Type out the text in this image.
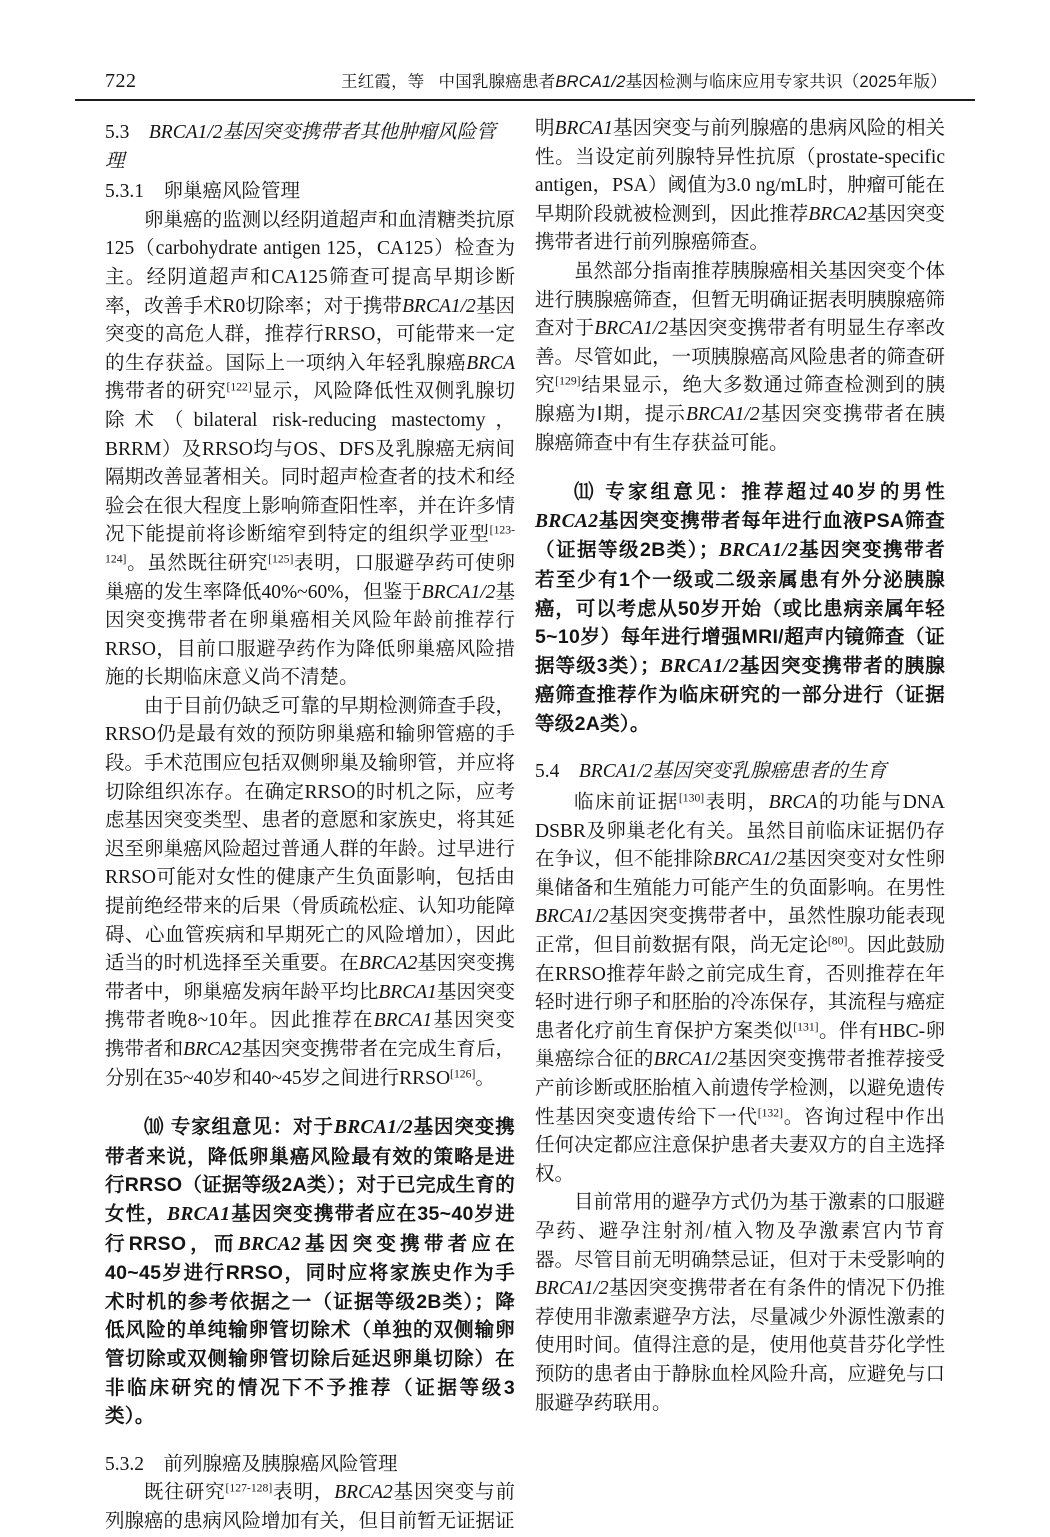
722	王红霞，等 中国乳腺癌患者BRCA1/2基因检测与临床应用专家共识（2025年版）
5.3　 BRCA1/2基因突变携带者其他肿瘤风险管理
5.3.1　卵巢癌风险管理
卵巢癌的监测以经阴道超声和血清糖类抗原125（carbohydrate antigen 125，CA125）检查为主。经阴道超声和CA125筛查可提高早期诊断率，改善手术R0切除率；对于携带BRCA1/2基因突变的高危人群，推荐行RRSO，可能带来一定的生存获益。国际上一项纳入年轻乳腺癌BRCA携带者的研究[122]显示，风险降低性双侧乳腺切除术（bilateral risk-reducing mastectomy，BRRM）及RRSO均与OS、DFS及乳腺癌无病间隔期改善显著相关。同时超声检查者的技术和经验会在很大程度上影响筛查阳性率，并在许多情况下能提前将诊断缩窄到特定的组织学亚型[123-124]。虽然既往研究[125]表明，口服避孕药可使卵巢癌的发生率降低40%~60%，但鉴于BRCA1/2基因突变携带者在卵巢癌相关风险年龄前推荐行RRSO，目前口服避孕药作为降低卵巢癌风险措施的长期临床意义尚不清楚。
由于目前仍缺乏可靠的早期检测筛查手段，RRSO仍是最有效的预防卵巢癌和输卵管癌的手段。手术范围应包括双侧卵巢及输卵管，并应将切除组织冻存。在确定RRSO的时机之际，应考虑基因突变类型、患者的意愿和家族史，将其延迟至卵巢癌风险超过普通人群的年龄。过早进行RRSO可能对女性的健康产生负面影响，包括由提前绝经带来的后果（骨质疏松症、认知功能障碍、心血管疾病和早期死亡的风险增加），因此适当的时机选择至关重要。在BRCA2基因突变携带者中，卵巢癌发病年龄平均比BRCA1基因突变携带者晚8~10年。因此推荐在BRCA1基因突变携带者和BRCA2基因突变携带者在完成生育后，分别在35~40岁和40~45岁之间进行RRSO[126]。
⑽ 专家组意见：对于BRCA1/2基因突变携带者来说，降低卵巢癌风险最有效的策略是进行RRSO（证据等级2A类）；对于已完成生育的女性，BRCA1基因突变携带者应在35~40岁进行RRSO，而BRCA2基因突变携带者应在40~45岁进行RRSO，同时应将家族史作为手术时机的参考依据之一（证据等级2B类）；降低风险的单纯输卵管切除术（单独的双侧输卵管切除或双侧输卵管切除后延迟卵巢切除）在非临床研究的情况下不予推荐（证据等级3类）。
5.3.2　前列腺癌及胰腺癌风险管理
既往研究[127-128]表明，BRCA2基因突变与前列腺癌的患病风险增加有关，但目前暂无证据证
明BRCA1基因突变与前列腺癌的患病风险的相关性。当设定前列腺特异性抗原（prostate-specific antigen，PSA）阈值为3.0 ng/mL时，肿瘤可能在早期阶段就被检测到，因此推荐BRCA2基因突变携带者进行前列腺癌筛查。
虽然部分指南推荐胰腺癌相关基因突变个体进行胰腺癌筛查，但暂无明确证据表明胰腺癌筛查对于BRCA1/2基因突变携带者有明显生存率改善。尽管如此，一项胰腺癌高风险患者的筛查研究[129]结果显示，绝大多数通过筛查检测到的胰腺癌为Ⅰ期，提示BRCA1/2基因突变携带者在胰腺癌筛查中有生存获益可能。
⑾ 专家组意见：推荐超过40岁的男性BRCA2基因突变携带者每年进行血液PSA筛查（证据等级2B类）；BRCA1/2基因突变携带者若至少有1个一级或二级亲属患有外分泌胰腺癌，可以考虑从50岁开始（或比患病亲属年轻5~10岁）每年进行增强MRI/超声内镜筛查（证据等级3类）；BRCA1/2基因突变携带者的胰腺癌筛查推荐作为临床研究的一部分进行（证据等级2A类）。
5.4　 BRCA1/2基因突变乳腺癌患者的生育
临床前证据[130]表明，BRCA的功能与DNA DSBR及卵巢老化有关。虽然目前临床证据仍存在争议，但不能排除BRCA1/2基因突变对女性卵巢储备和生殖能力可能产生的负面影响。在男性BRCA1/2基因突变携带者中，虽然性腺功能表现正常，但目前数据有限，尚无定论[80]。因此鼓励在RRSO推荐年龄之前完成生育，否则推荐在年轻时进行卵子和胚胎的冷冻保存，其流程与癌症患者化疗前生育保护方案类似[131]。伴有HBC-卵巢癌综合征的BRCA1/2基因突变携带者推荐接受产前诊断或胚胎植入前遗传学检测，以避免遗传性基因突变遗传给下一代[132]。咨询过程中作出任何决定都应注意保护患者夫妻双方的自主选择权。
目前常用的避孕方式仍为基于激素的口服避孕药、避孕注射剂/植入物及孕激素宫内节育器。尽管目前无明确禁忌证，但对于未受影响的BRCA1/2基因突变携带者在有条件的情况下仍推荐使用非激素避孕方法，尽量减少外源性激素的使用时间。值得注意的是，使用他莫昔芬化学性预防的患者由于静脉血栓风险升高，应避免与口服避孕药联用。
